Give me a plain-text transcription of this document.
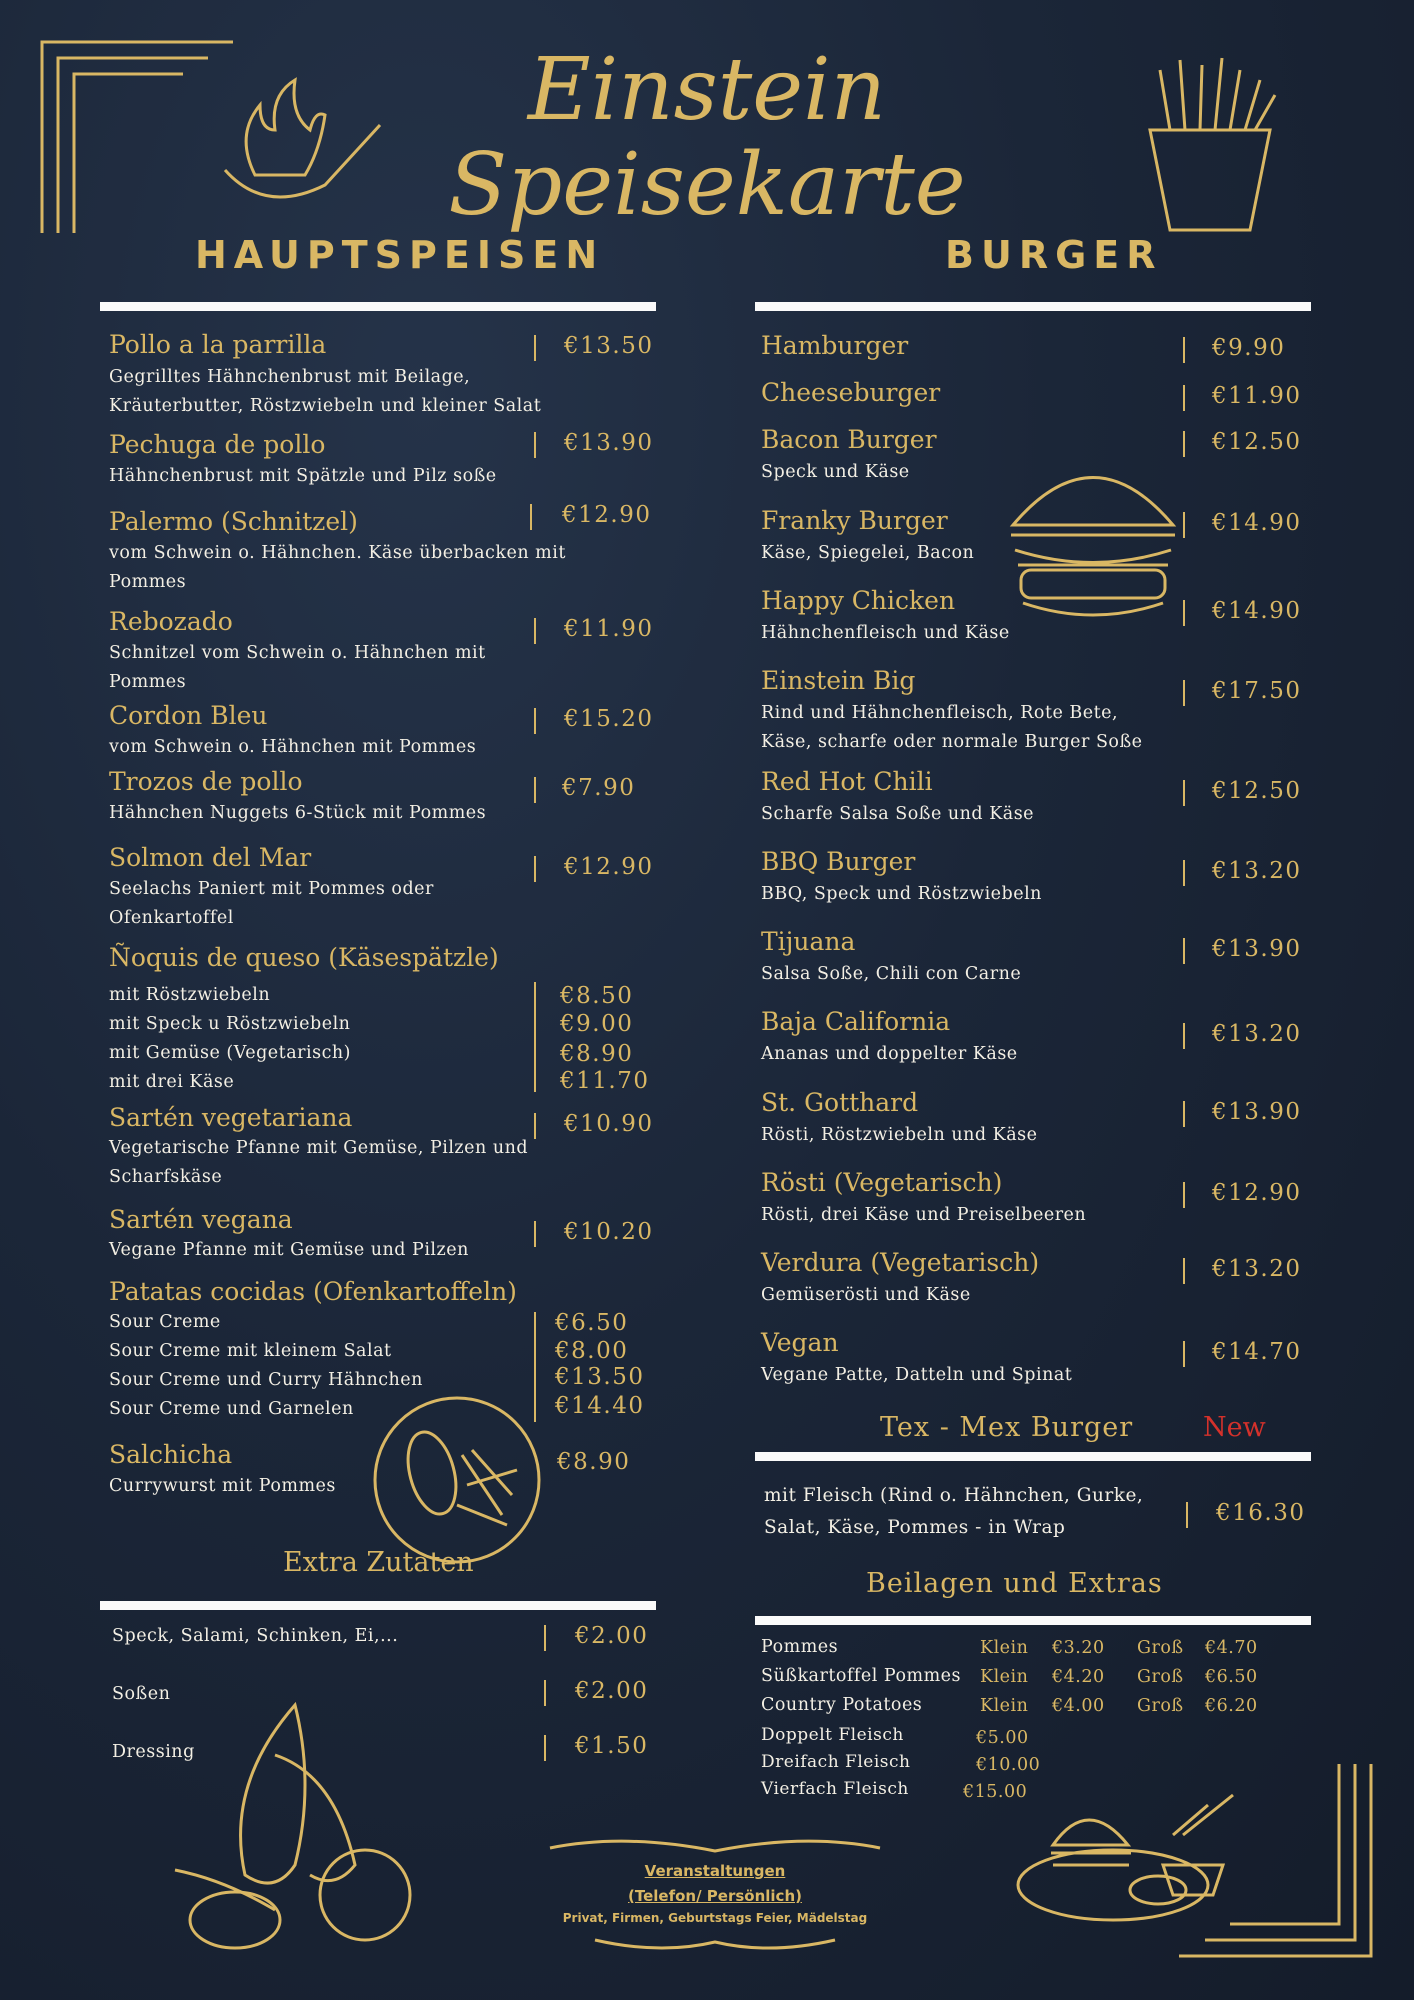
Einstein
Speisekarte
HAUPTSPEISEN	BURGER
Pollo a la parrilla	€13.50
Gegrilltes Hähnchenbrust mit Beilage, Kräuterbutter, Röstzwiebeln und kleiner Salat
Pechuga de pollo	€13.90
Hähnchenbrust mit Spätzle und Pilz soße
Palermo (Schnitzel)	€12.90
vom Schwein o. Hähnchen. Käse überbacken mit Pommes
Rebozado	€11.90
Schnitzel vom Schwein o. Hähnchen mit Pommes
Cordon Bleu	€15.20
vom Schwein o. Hähnchen mit Pommes
Trozos de pollo	€7.90
Hähnchen Nuggets 6-Stück mit Pommes
Solmon del Mar	€12.90
Seelachs Paniert mit Pommes oder Ofenkartoffel
Ñoquis de queso (Käsespätzle)
mit Röstzwiebeln	€8.50
mit Speck u Röstzwiebeln	€9.00
mit Gemüse (Vegetarisch)	€8.90
mit drei Käse	€11.70
Sartén vegetariana	€10.90
Vegetarische Pfanne mit Gemüse, Pilzen und Scharfskäse
Sartén vegana	€10.20
Vegane Pfanne mit Gemüse und Pilzen
Patatas cocidas (Ofenkartoffeln)
Sour Creme	€6.50
Sour Creme mit kleinem Salat	€8.00
Sour Creme und Curry Hähnchen	€13.50
Sour Creme und Garnelen	€14.40
Salchicha	€8.90
Currywurst mit Pommes
Extra Zutaten
Speck, Salami, Schinken, Ei,...	€2.00
Soßen	€2.00
Dressing	€1.50
Hamburger	€9.90
Cheeseburger	€11.90
Bacon Burger	€12.50
Speck und Käse
Franky Burger	€14.90
Käse, Spiegelei, Bacon
Happy Chicken	€14.90
Hähnchenfleisch und Käse
Einstein Big	€17.50
Rind und Hähnchenfleisch, Rote Bete, Käse, scharfe oder normale Burger Soße
Red Hot Chili	€12.50
Scharfe Salsa Soße und Käse
BBQ Burger	€13.20
BBQ, Speck und Röstzwiebeln
Tijuana	€13.90
Salsa Soße, Chili con Carne
Baja California	€13.20
Ananas und doppelter Käse
St. Gotthard	€13.90
Rösti, Röstzwiebeln und Käse
Rösti (Vegetarisch)	€12.90
Rösti, drei Käse und Preiselbeeren
Verdura (Vegetarisch)	€13.20
Gemüserösti und Käse
Vegan	€14.70
Vegane Patte, Datteln und Spinat
Tex - Mex Burger	New
mit Fleisch (Rind o. Hähnchen, Gurke,
Salat, Käse, Pommes - in Wrap
€16.30
Beilagen und Extras
Pommes	Klein €3.20 Groß €4.70
Süßkartoffel Pommes Klein €4.20 Groß €6.50
Country Potatoes	Klein €4.00 Groß €6.20
Doppelt Fleisch	€5.00
Dreifach Fleisch	€10.00
Vierfach Fleisch	€15.00
Veranstaltungen
(Telefon/ Persönlich)
Privat, Firmen, Geburtstags Feier, Mädelstag
